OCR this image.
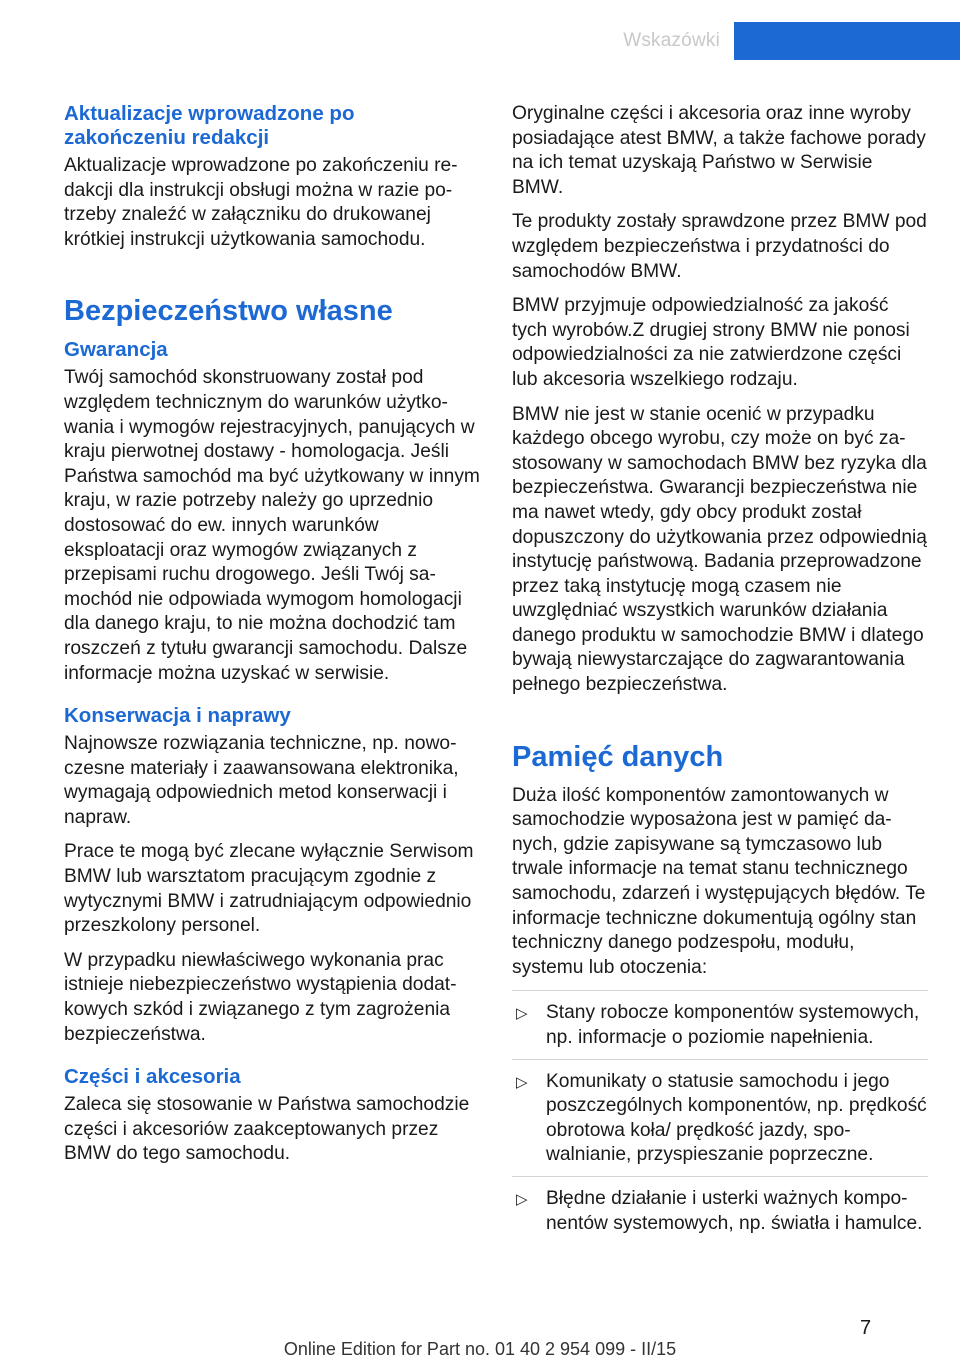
Wskazówki
Aktualizacje wprowadzone po zakończeniu redakcji

Aktualizacje wprowadzone po zakończeniu redakcji dla instrukcji obsługi można w razie potrzeby znaleźć w załączniku do drukowanej krótkiej instrukcji użytkowania samochodu.

Bezpieczeństwo własne
Gwarancja

Twój samochód skonstruowany został pod względem technicznym do warunków użytkowania i wymogów rejestracyjnych, panujących w kraju pierwotnej dostawy - homologacja. Jeśli Państwa samochód ma być użytkowany w innym kraju, w razie potrzeby należy go uprzednio dostosować do ew. innych warunków eksploatacji oraz wymogów związanych z przepisami ruchu drogowego. Jeśli Twój samochód nie odpowiada wymogom homologacji dla danego kraju, to nie można dochodzić tam roszczeń z tytułu gwarancji samochodu. Dalsze informacje można uzyskać w serwisie.

Konserwacja i naprawy

Najnowsze rozwiązania techniczne, np. nowoczesne materiały i zaawansowana elektronika, wymagają odpowiednich metod konserwacji i napraw.

Prace te mogą być zlecane wyłącznie Serwisom BMW lub warsztatom pracującym zgodnie z wytycznymi BMW i zatrudniającym odpowiednio przeszkolony personel.

W przypadku niewłaściwego wykonania prac istnieje niebezpieczeństwo wystąpienia dodatkowych szkód i związanego z tym zagrożenia bezpieczeństwa.

Części i akcesoria

Zaleca się stosowanie w Państwa samochodzie części i akcesoriów zaakceptowanych przez BMW do tego samochodu.

Oryginalne części i akcesoria oraz inne wyroby posiadające atest BMW, a także fachowe porady na ich temat uzyskają Państwo w Serwisie BMW.

Te produkty zostały sprawdzone przez BMW pod względem bezpieczeństwa i przydatności do samochodów BMW.

BMW przyjmuje odpowiedzialność za jakość tych wyrobów.Z drugiej strony BMW nie ponosi odpowiedzialności za nie zatwierdzone części lub akcesoria wszelkiego rodzaju.

BMW nie jest w stanie ocenić w przypadku każdego obcego wyrobu, czy może on być zastosowany w samochodach BMW bez ryzyka dla bezpieczeństwa. Gwarancji bezpieczeństwa nie ma nawet wtedy, gdy obcy produkt został dopuszczony do użytkowania przez odpowiednią instytucję państwową. Badania przeprowadzone przez taką instytucję mogą czasem nie uwzględniać wszystkich warunków działania danego produktu w samochodzie BMW i dlatego bywają niewystarczające do zagwarantowania pełnego bezpieczeństwa.

Pamięć danych

Duża ilość komponentów zamontowanych w samochodzie wyposażona jest w pamięć danych, gdzie zapisywane są tymczasowo lub trwale informacje na temat stanu technicznego samochodu, zdarzeń i występujących błędów. Te informacje techniczne dokumentują ogólny stan techniczny danego podzespołu, modułu, systemu lub otoczenia:

▷ Stany robocze komponentów systemowych, np. informacje o poziomie napełnienia.
▷ Komunikaty o statusie samochodu i jego poszczególnych komponentów, np. prędkość obrotowa koła/ prędkość jazdy, spowalnianie, przyspieszanie poprzeczne.
▷ Błędne działanie i usterki ważnych komponentów systemowych, np. światła i hamulce.
7
Online Edition for Part no. 01 40 2 954 099 - II/15
